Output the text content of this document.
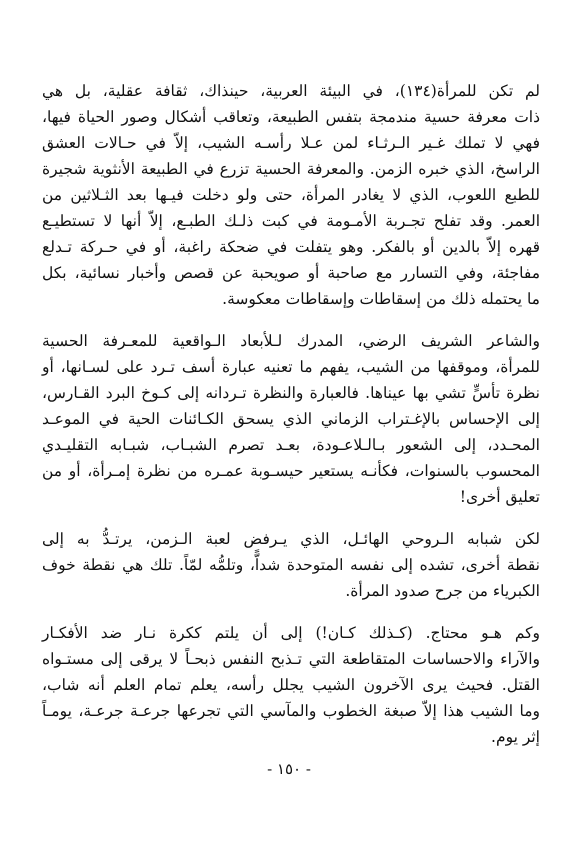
لم تكن للمرأة(١٣٤)، في البيئة العربية، حينذاك، ثقافة عقلية، بل هي
ذات معرفة حسية مندمجة بتفس الطبيعة، وتعاقب أشكال وصور الحياة فيها،
فهي لا تملك غـير الـرثـاء لمن عـلا رأسـه الشيب، إلاّ في حـالات العشق
الراسخ، الذي خبره الزمن. والمعرفة الحسية تزرع في الطبيعة الأنثوية شجيرة
للطبع اللعوب، الذي لا يغادر المرأة، حتى ولو دخلت فيـها بعد الثـلاثين من
العمر. وقد تفلح تجـربة الأمـومة في كبت ذلـك الطبـع، إلاّ أنها لا تستطيـع
قهره إلاّ بالدين أو بالفكر. وهو يتفلت في ضحكة راغبة، أو في حـركة تـدلع
مفاجئة، وفي التسارر مع صاحبة أو صويحبة عن قصص وأخبار نسائية، بكل
ما يحتمله ذلك من إسقاطات وإسقاطات معكوسة.

والشاعر الشريف الرضي، المدرك لـلأبعاد الـواقعية للمعـرفة الحسية
للمرأة، وموقفها من الشيب، يفهم ما تعنيه عبارة أسف تـرد على لسـانها، أو
نظرة تأسٍّ تشي بها عيناها. فالعبارة والنظرة تـردانه إلى كـوخ البرد القـارس،
إلى الإحساس بالإغـتراب الزماني الذي يسحق الكـائنات الحية في الموعـد
المحـدد، إلى الشعور بـالـلاعـودة، بعـد تصرم الشبـاب، شبـابه التقليـدي
المحسوب بالسنوات، فكأنـه يستعير حيسـوبة عمـره من نظرة إمـرأة، أو من
تعليق أخرى!

لكن شبابه الـروحي الهائـل، الذي يـرفض لعبة الـزمن، يرتـدُّ به إلى
نقطة أخرى، تشده إلى نفسه المتوحدة شداًّ، وتلمُّه لمّاً. تلك هي نقطة خوف
الكبرياء من جرح صدود المرأة.

وكم هـو محتاج. (كـذلك كـان!) إلى أن يلتم ككرة نـار ضد الأفكـار
والآراء والاحساسات المتقاطعة التي تـذبح النفس ذبحـاً لا يرقى إلى مستـواه
القتل. فحيث يرى الآخرون الشيب يجلل رأسه، يعلم تمام العلم أنه شاب،
وما الشيب هذا إلاّ صبغة الخطوب والمآسي التي تجرعها جرعـة جرعـة، يومـاً
إثر يوم.

- ١٥٠ -
